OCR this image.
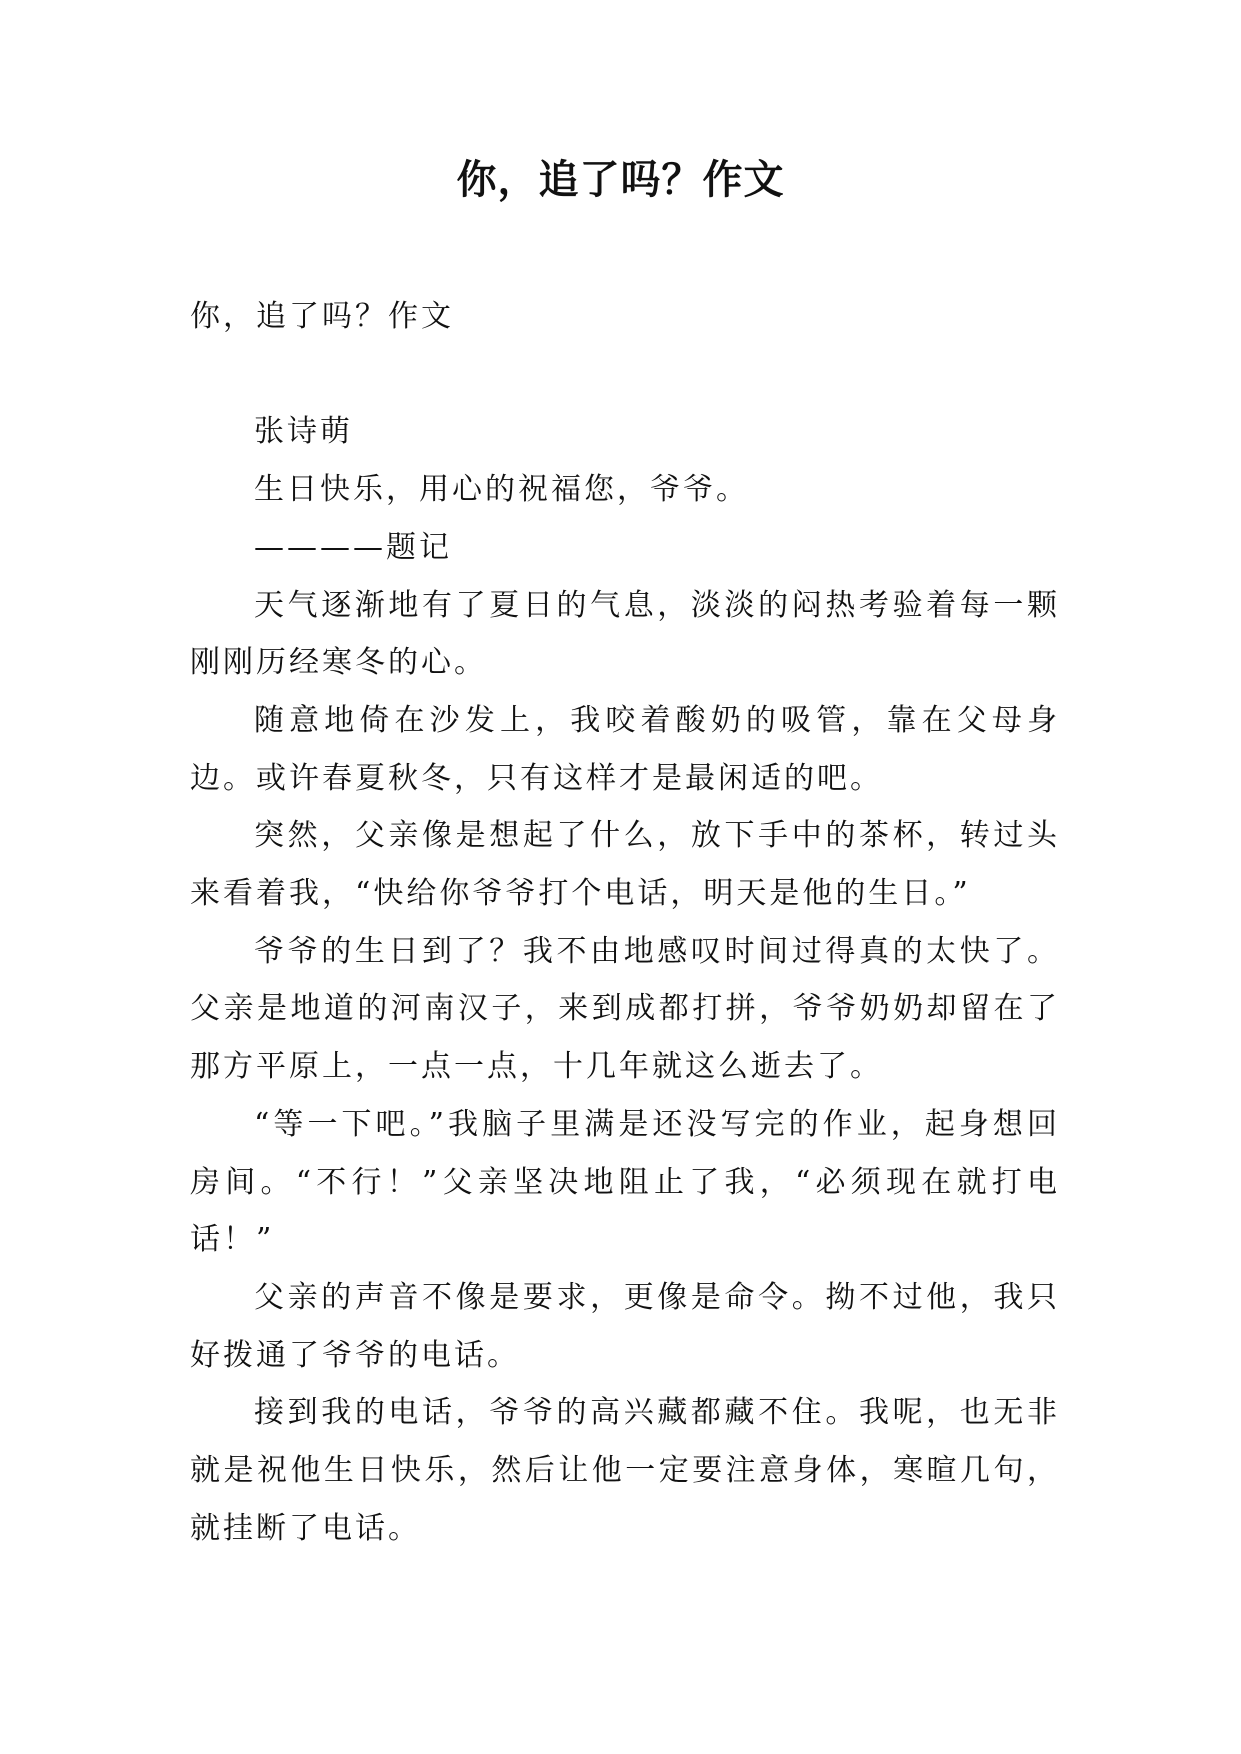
你，追了吗？作文

你，追了吗？作文

张诗萌

生日快乐，用心的祝福您，爷爷。

————题记

天气逐渐地有了夏日的气息，淡淡的闷热考验着每一颗刚刚历经寒冬的心。

随意地倚在沙发上，我咬着酸奶的吸管，靠在父母身边。或许春夏秋冬，只有这样才是最闲适的吧。

突然，父亲像是想起了什么，放下手中的茶杯，转过头来看着我，“快给你爷爷打个电话，明天是他的生日。”

爷爷的生日到了？我不由地感叹时间过得真的太快了。父亲是地道的河南汉子，来到成都打拼，爷爷奶奶却留在了那方平原上，一点一点，十几年就这么逝去了。

“等一下吧。”我脑子里满是还没写完的作业，起身想回房间。“不行！”父亲坚决地阻止了我，“必须现在就打电话！”

父亲的声音不像是要求，更像是命令。拗不过他，我只好拨通了爷爷的电话。

接到我的电话，爷爷的高兴藏都藏不住。我呢，也无非就是祝他生日快乐，然后让他一定要注意身体，寒暄几句，就挂断了电话。
